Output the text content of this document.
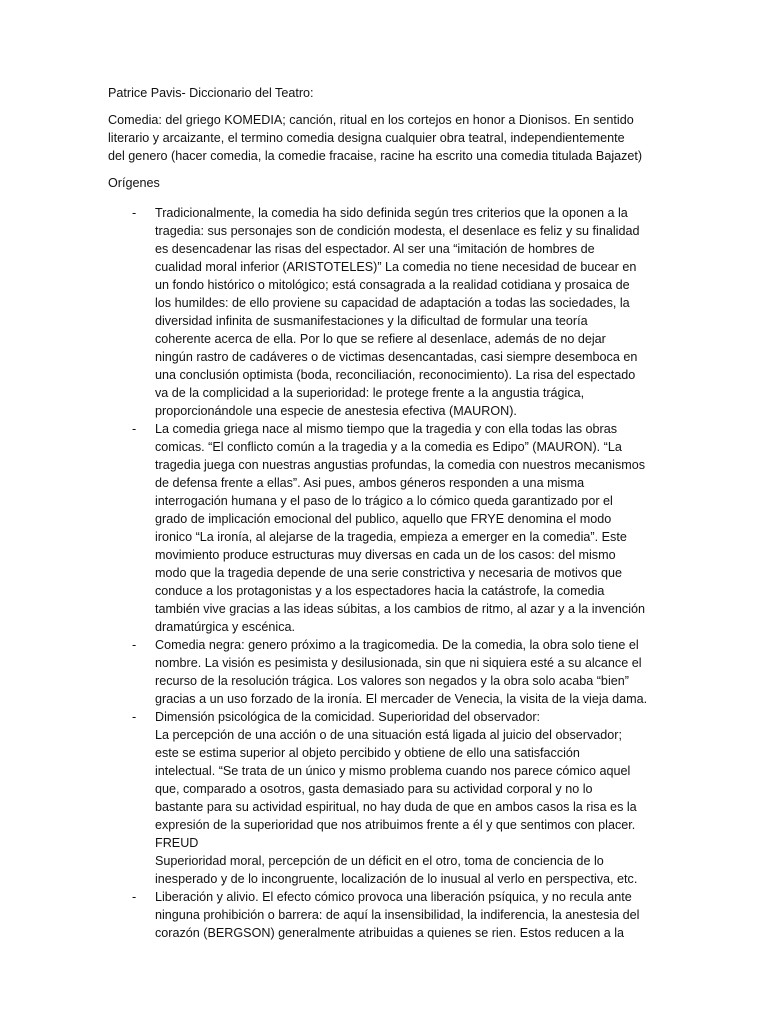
Patrice Pavis- Diccionario del Teatro:

Comedia: del griego KOMEDIA; canción, ritual en los cortejos en honor a Dionisos. En sentido
literario y arcaizante, el termino comedia designa cualquier obra teatral, independientemente
del genero (hacer comedia, la comedie fracaise, racine ha escrito una comedia titulada Bajazet)

Orígenes

- Tradicionalmente, la comedia ha sido definida según tres criterios que la oponen a la
tragedia: sus personajes son de condición modesta, el desenlace es feliz y su finalidad
es desencadenar las risas del espectador. Al ser una “imitación de hombres de
cualidad moral inferior (ARISTOTELES)” La comedia no tiene necesidad de bucear en
un fondo histórico o mitológico; está consagrada a la realidad cotidiana y prosaica de
los humildes: de ello proviene su capacidad de adaptación a todas las sociedades, la
diversidad infinita de susmanifestaciones y la dificultad de formular una teoría
coherente acerca de ella. Por lo que se refiere al desenlace, además de no dejar
ningún rastro de cadáveres o de victimas desencantadas, casi siempre desemboca en
una conclusión optimista (boda, reconciliación, reconocimiento). La risa del espectado
va de la complicidad a la superioridad: le protege frente a la angustia trágica,
proporcionándole una especie de anestesia efectiva (MAURON).
- La comedia griega nace al mismo tiempo que la tragedia y con ella todas las obras
comicas. “El conflicto común a la tragedia y a la comedia es Edipo” (MAURON). “La
tragedia juega con nuestras angustias profundas, la comedia con nuestros mecanismos
de defensa frente a ellas”. Asi pues, ambos géneros responden a una misma
interrogación humana y el paso de lo trágico a lo cómico queda garantizado por el
grado de implicación emocional del publico, aquello que FRYE denomina el modo
ironico “La ironía, al alejarse de la tragedia, empieza a emerger en la comedia”. Este
movimiento produce estructuras muy diversas en cada un de los casos: del mismo
modo que la tragedia depende de una serie constrictiva y necesaria de motivos que
conduce a los protagonistas y a los espectadores hacia la catástrofe, la comedia
también vive gracias a las ideas súbitas, a los cambios de ritmo, al azar y a la invención
dramatúrgica y escénica.
- Comedia negra: genero próximo a la tragicomedia. De la comedia, la obra solo tiene el
nombre. La visión es pesimista y desilusionada, sin que ni siquiera esté a su alcance el
recurso de la resolución trágica. Los valores son negados y la obra solo acaba “bien”
gracias a un uso forzado de la ironía. El mercader de Venecia, la visita de la vieja dama.
- Dimensión psicológica de la comicidad. Superioridad del observador:
La percepción de una acción o de una situación está ligada al juicio del observador;
este se estima superior al objeto percibido y obtiene de ello una satisfacción
intelectual. “Se trata de un único y mismo problema cuando nos parece cómico aquel
que, comparado a osotros, gasta demasiado para su actividad corporal y no lo
bastante para su actividad espiritual, no hay duda de que en ambos casos la risa es la
expresión de la superioridad que nos atribuimos frente a él y que sentimos con placer.
FREUD
Superioridad moral, percepción de un déficit en el otro, toma de conciencia de lo
inesperado y de lo incongruente, localización de lo inusual al verlo en perspectiva, etc.
- Liberación y alivio. El efecto cómico provoca una liberación psíquica, y no recula ante
ninguna prohibición o barrera: de aquí la insensibilidad, la indiferencia, la anestesia del
corazón (BERGSON) generalmente atribuidas a quienes se rien. Estos reducen a la
